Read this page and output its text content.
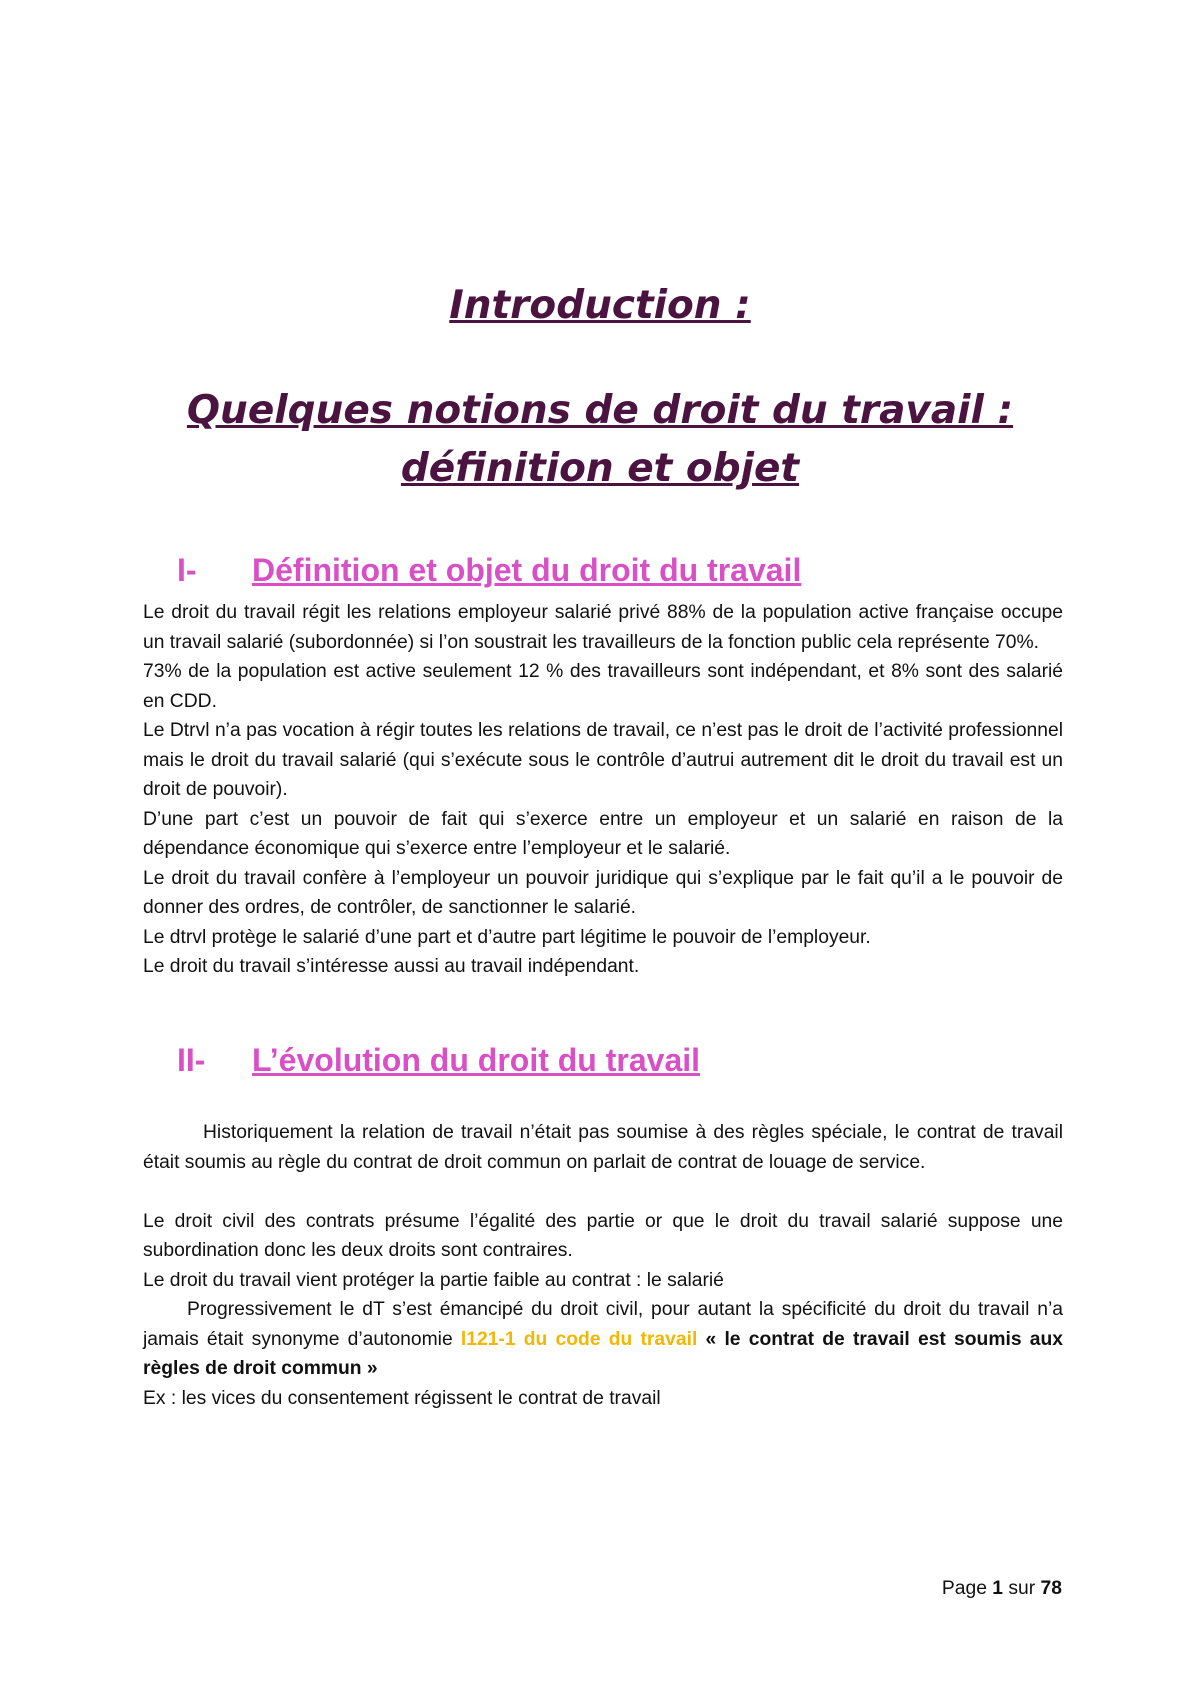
Introduction :
Quelques notions de droit du travail :
définition et objet
I- Définition et objet du droit du travail

Le droit du travail régit les relations employeur salarié privé 88% de la population active française occupe un travail salarié (subordonnée) si l’on soustrait les travailleurs de la fonction public cela représente 70%.

73% de la population est active seulement 12 % des travailleurs sont indépendant, et 8% sont des salarié en CDD.

Le Dtrvl n’a pas vocation à régir toutes les relations de travail, ce n’est pas le droit de l’activité professionnel mais le droit du travail salarié (qui s’exécute sous le contrôle d’autrui autrement dit le droit du travail est un droit de pouvoir).

D’une part c’est un pouvoir de fait qui s’exerce entre un employeur et un salarié en raison de la dépendance économique qui s’exerce entre l’employeur et le salarié.

Le droit du travail confère à l’employeur un pouvoir juridique qui s’explique par le fait qu’il a le pouvoir de donner des ordres, de contrôler, de sanctionner le salarié.

Le dtrvl protège le salarié d’une part et d’autre part légitime le pouvoir de l’employeur.

Le droit du travail s’intéresse aussi au travail indépendant.

II- L’évolution du droit du travail

Historiquement la relation de travail n’était pas soumise à des règles spéciale, le contrat de travail était soumis au règle du contrat de droit commun on parlait de contrat de louage de service.

Le droit civil des contrats présume l’égalité des partie or que le droit du travail salarié suppose une subordination donc les deux droits sont contraires.

Le droit du travail vient protéger la partie faible au contrat : le salarié

Progressivement le dT s’est émancipé du droit civil, pour autant la spécificité du droit du travail n’a jamais était synonyme d’autonomie l121-1 du code du travail « le contrat de travail est soumis aux règles de droit commun »

Ex : les vices du consentement régissent le contrat de travail

Page 1 sur 78
